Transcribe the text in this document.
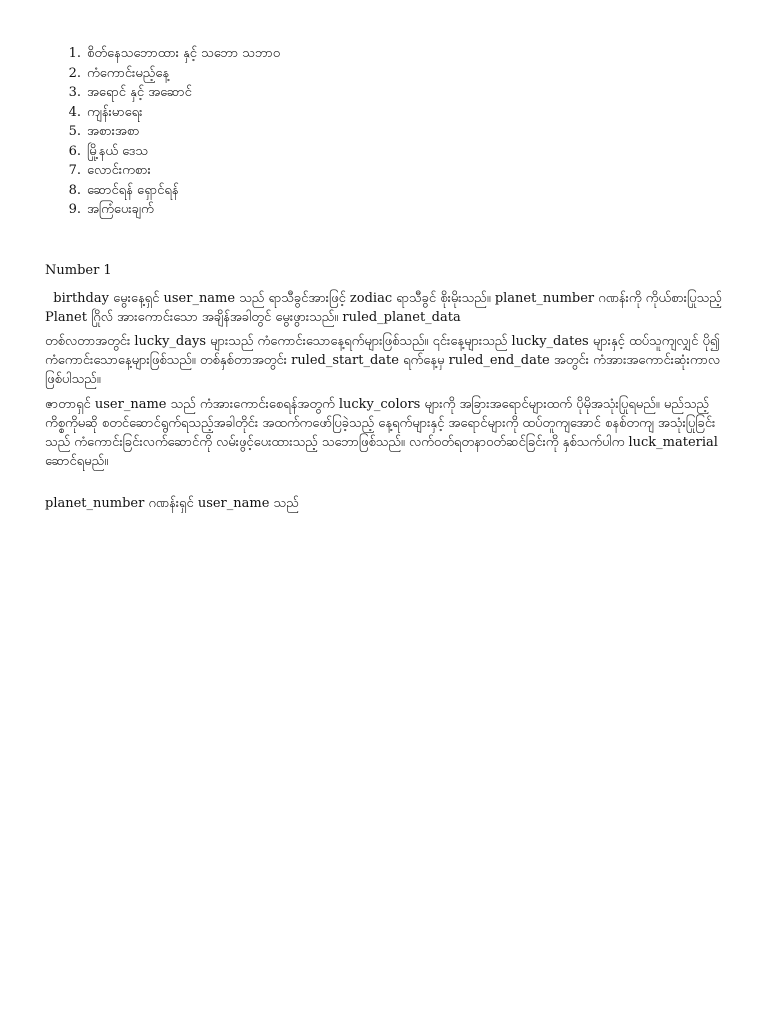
စိတ်နေသဘောထား နှင့် သဘော သဘာဝ
ကံကောင်းမည့်နေ့
အရောင် နှင့် အဆောင်
ကျန်းမာရေး
အစားအစာ
မြို့နယ် ဒေသ
လောင်းကစား
ဆောင်ရန် ရှောင်ရန်
အကြံပေးချက်
Number 1

birthday မွေးနေ့ရှင် user_name သည် ရာသီခွင်အားဖြင့် zodiac ရာသီခွင် စိုးမိုးသည်။ planet_number ဂဏန်းကို ကိုယ်စားပြုသည့် Planet ဂြိုလ် အားကောင်းသော အချိန်အခါတွင် မွေးဖွားသည်။ ruled_planet_data

တစ်လတာအတွင်း lucky_days များသည် ကံကောင်းသောနေ့ရက်များဖြစ်သည်။ ၎င်းနေ့များသည် lucky_dates များနှင့် ထပ်သူကျလျှင် ပို၍ ကံကောင်းသောနေ့များဖြစ်သည်။ တစ်နှစ်တာအတွင်း ruled_start_date ရက်နေ့မှ ruled_end_date အတွင်း ကံအားအကောင်းဆုံးကာလဖြစ်ပါသည်။

ဇာတာရှင် user_name သည် ကံအားကောင်းစေရန်အတွက် lucky_colors များကို အခြားအရောင်များထက် ပိုမိုအသုံးပြုရမည်။ မည်သည့်ကိစ္စကိုမဆို စတင်ဆောင်ရွက်ရသည့်အခါတိုင်း အထက်ကဖော်ပြခဲ့သည့် နေ့ရက်များနှင့် အရောင်များကို ထပ်တူကျအောင် စနစ်တကျ အသုံးပြုခြင်းသည် ကံကောင်းခြင်းလက်ဆောင်ကို လမ်းဖွင့်ပေးထားသည့် သဘောဖြစ်သည်။ လက်ဝတ်ရတနာဝတ်ဆင်ခြင်းကို နှစ်သက်ပါက luck_material ဆောင်ရမည်။

planet_number ဂဏန်းရှင် user_name သည်
